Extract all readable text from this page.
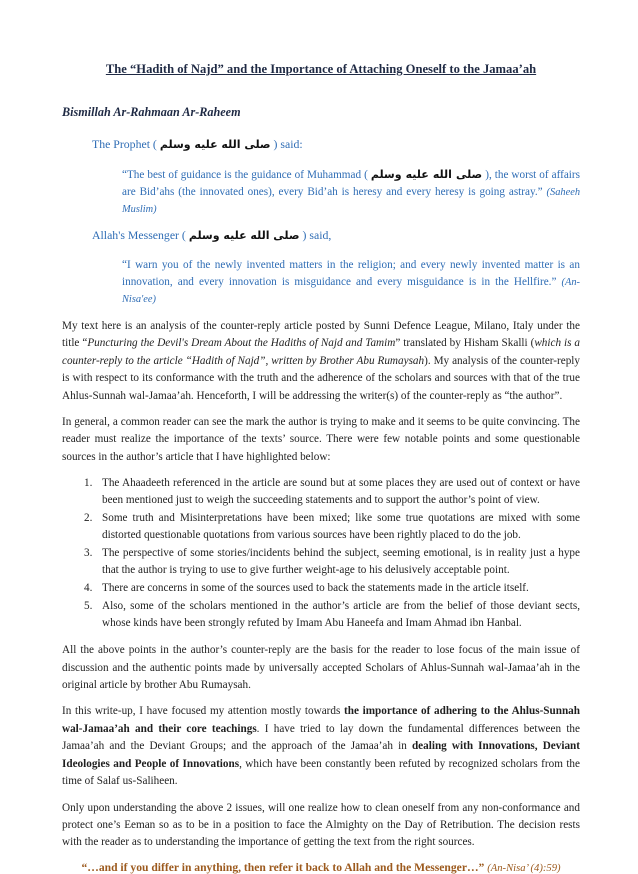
The “Hadith of Najd” and the Importance of Attaching Oneself to the Jamaa’ah
Bismillah Ar-Rahmaan Ar-Raheem
The Prophet ( صلى الله عليه وسلم ) said:
“The best of guidance is the guidance of Muhammad ( صلى الله عليه وسلم ), the worst of affairs are Bid’ahs (the innovated ones), every Bid’ah is heresy and every heresy is going astray.” (Saheeh Muslim)
Allah's Messenger ( صلى الله عليه وسلم ) said,
“I warn you of the newly invented matters in the religion; and every newly invented matter is an innovation, and every innovation is misguidance and every misguidance is in the Hellfire.” (An-Nisa'ee)

My text here is an analysis of the counter-reply article posted by Sunni Defence League, Milano, Italy under the title “Puncturing the Devil's Dream About the Hadiths of Najd and Tamim” translated by Hisham Skalli (which is a counter-reply to the article “Hadith of Najd”, written by Brother Abu Rumaysah). My analysis of the counter-reply is with respect to its conformance with the truth and the adherence of the scholars and sources with that of the true Ahlus-Sunnah wal-Jamaa’ah. Henceforth, I will be addressing the writer(s) of the counter-reply as “the author”.

In general, a common reader can see the mark the author is trying to make and it seems to be quite convincing. The reader must realize the importance of the texts’ source. There were few notable points and some questionable sources in the author’s article that I have highlighted below:

1. The Ahaadeeth referenced in the article are sound but at some places they are used out of context or have been mentioned just to weigh the succeeding statements and to support the author’s point of view.
2. Some truth and Misinterpretations have been mixed; like some true quotations are mixed with some distorted questionable quotations from various sources have been rightly placed to do the job.
3. The perspective of some stories/incidents behind the subject, seeming emotional, is in reality just a hype that the author is trying to use to give further weight-age to his delusively acceptable point.
4. There are concerns in some of the sources used to back the statements made in the article itself.
5. Also, some of the scholars mentioned in the author’s article are from the belief of those deviant sects, whose kinds have been strongly refuted by Imam Abu Haneefa and Imam Ahmad ibn Hanbal.

All the above points in the author’s counter-reply are the basis for the reader to lose focus of the main issue of discussion and the authentic points made by universally accepted Scholars of Ahlus-Sunnah wal-Jamaa’ah in the original article by brother Abu Rumaysah.

In this write-up, I have focused my attention mostly towards the importance of adhering to the Ahlus-Sunnah wal-Jamaa’ah and their core teachings. I have tried to lay down the fundamental differences between the Jamaa’ah and the Deviant Groups; and the approach of the Jamaa’ah in dealing with Innovations, Deviant Ideologies and People of Innovations, which have been constantly been refuted by recognized scholars from the time of Salaf us-Saliheen.

Only upon understanding the above 2 issues, will one realize how to clean oneself from any non-conformance and protect one’s Eeman so as to be in a position to face the Almighty on the Day of Retribution. The decision rests with the reader as to understanding the importance of getting the text from the right sources.

“…and if you differ in anything, then refer it back to Allah and the Messenger…” (An-Nisa’ (4):59)
